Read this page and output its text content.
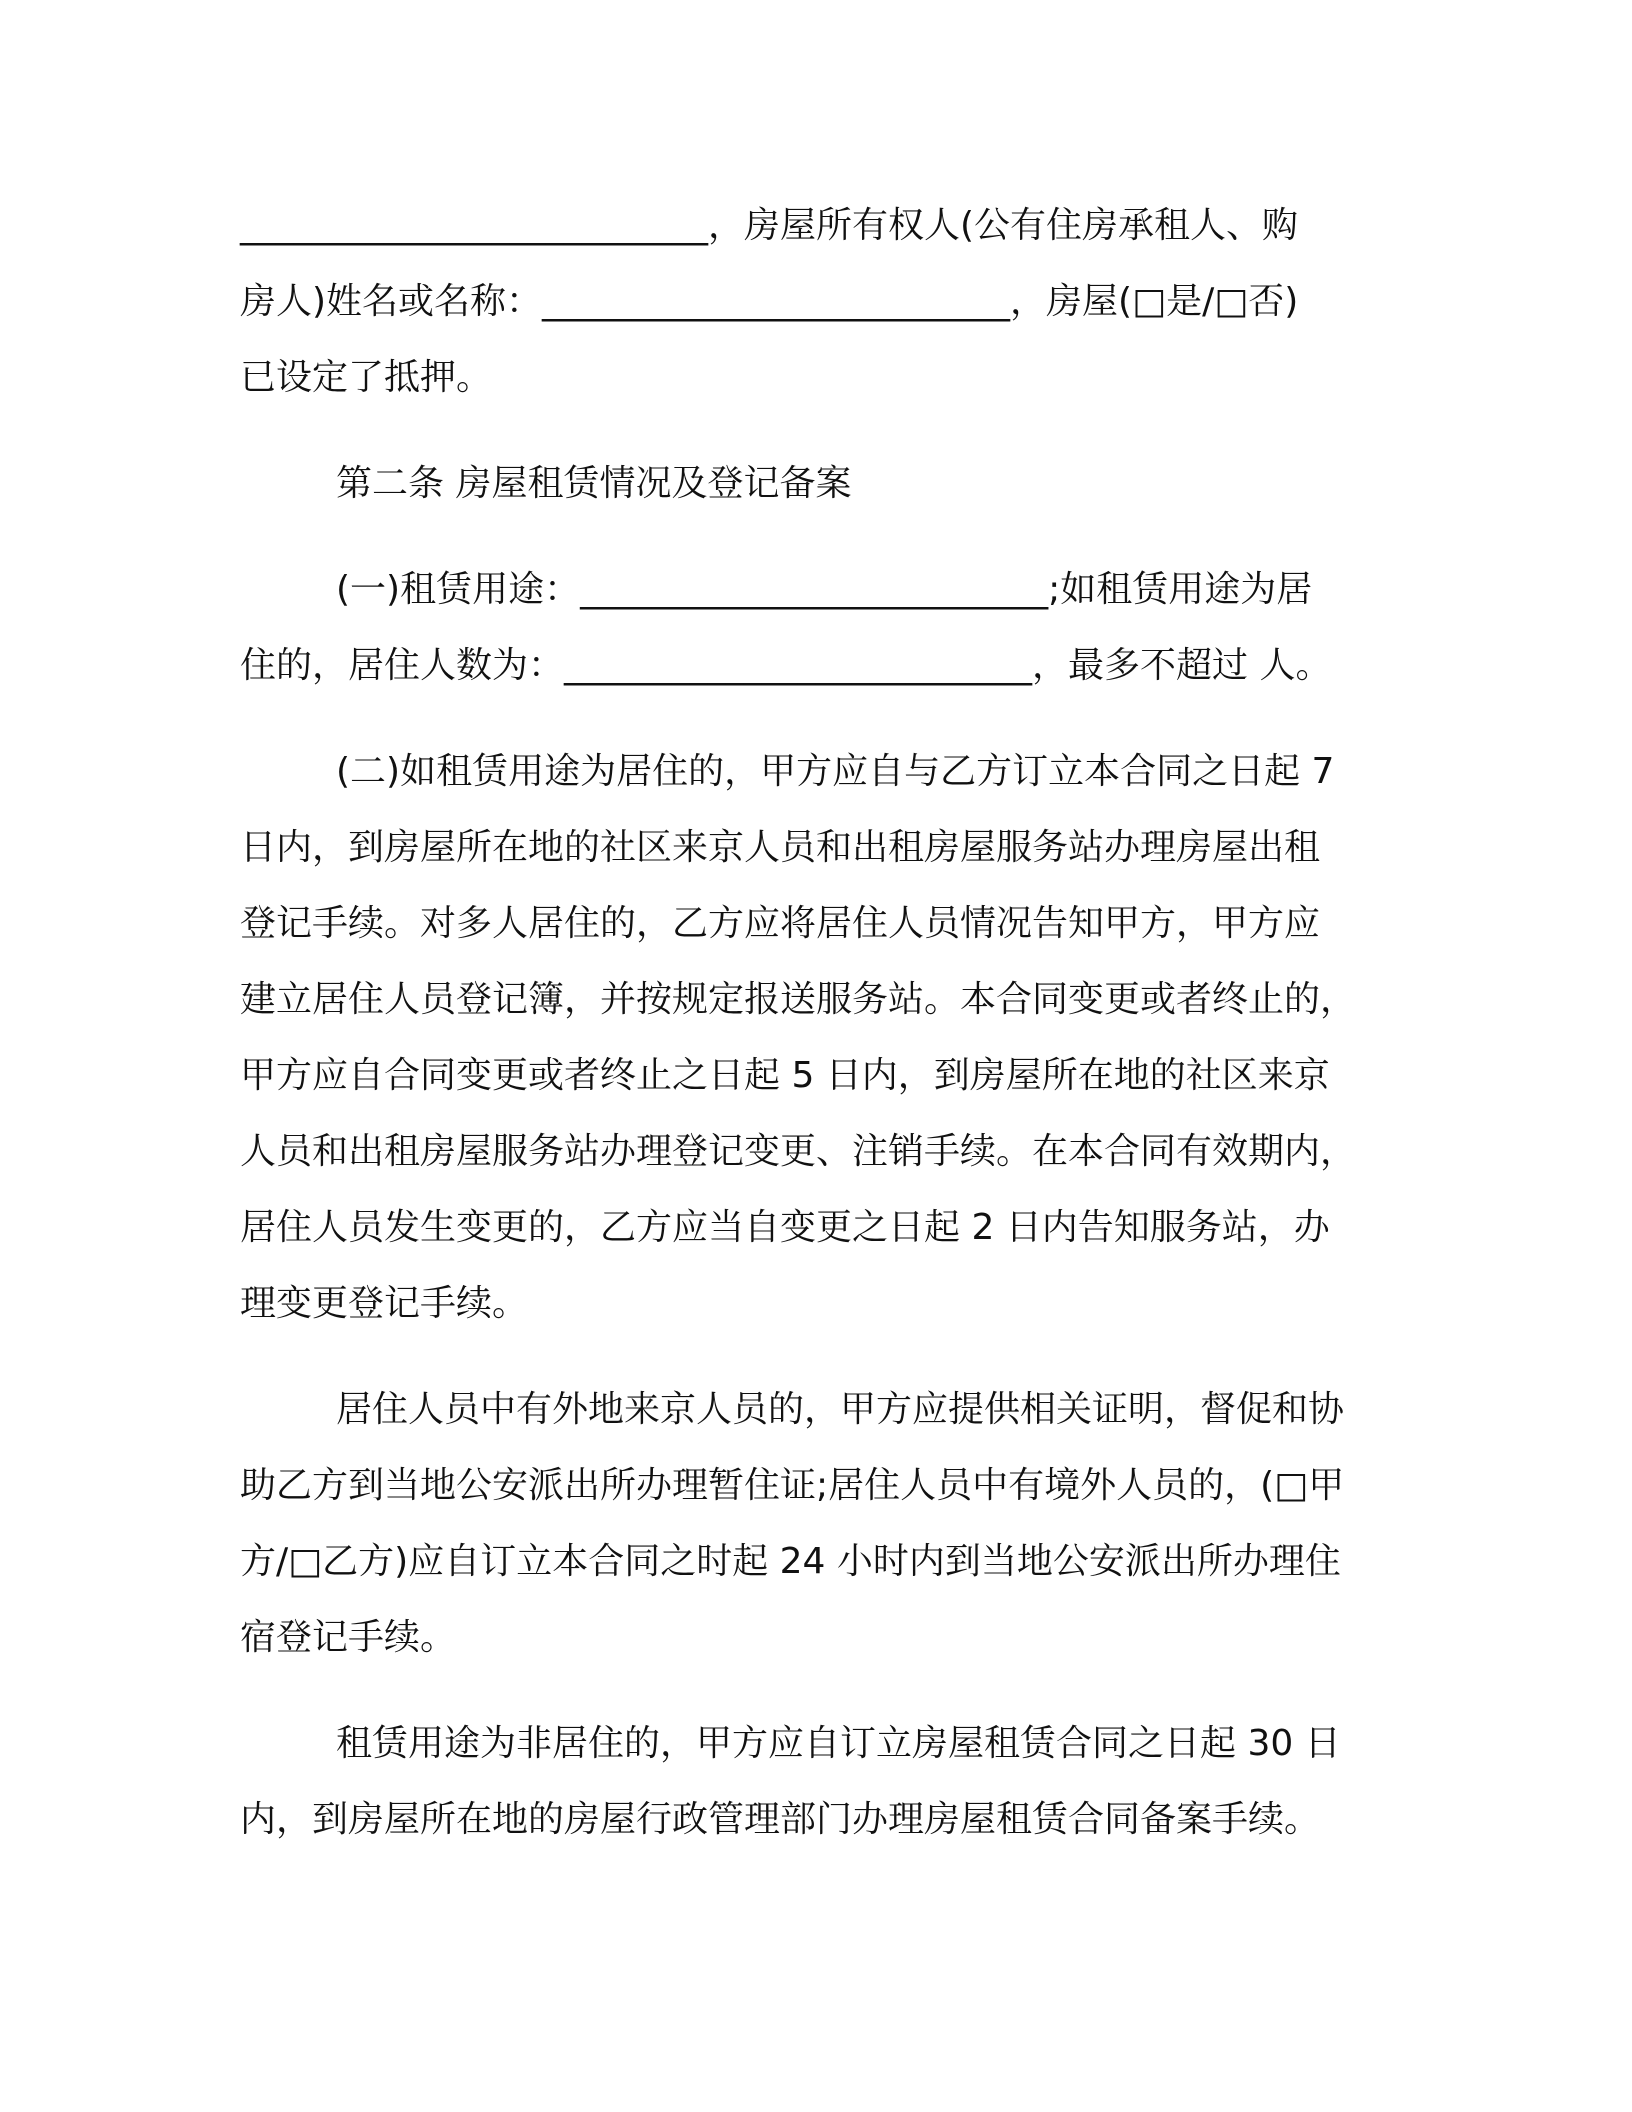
__________________________，房屋所有权人(公有住房承租人、购
房人)姓名或名称：__________________________，房屋(□是/□否)
已设定了抵押。
第二条 房屋租赁情况及登记备案
(一)租赁用途：__________________________;如租赁用途为居
住的，居住人数为：__________________________，最多不超过 人。
(二)如租赁用途为居住的，甲方应自与乙方订立本合同之日起 7
日内，到房屋所在地的社区来京人员和出租房屋服务站办理房屋出租
登记手续。对多人居住的，乙方应将居住人员情况告知甲方，甲方应
建立居住人员登记簿，并按规定报送服务站。本合同变更或者终止的，
甲方应自合同变更或者终止之日起 5 日内，到房屋所在地的社区来京
人员和出租房屋服务站办理登记变更、注销手续。在本合同有效期内，
居住人员发生变更的，乙方应当自变更之日起 2 日内告知服务站，办
理变更登记手续。
居住人员中有外地来京人员的，甲方应提供相关证明，督促和协
助乙方到当地公安派出所办理暂住证;居住人员中有境外人员的，(□甲
方/□乙方)应自订立本合同之时起 24 小时内到当地公安派出所办理住
宿登记手续。
租赁用途为非居住的，甲方应自订立房屋租赁合同之日起 30 日
内，到房屋所在地的房屋行政管理部门办理房屋租赁合同备案手续。
